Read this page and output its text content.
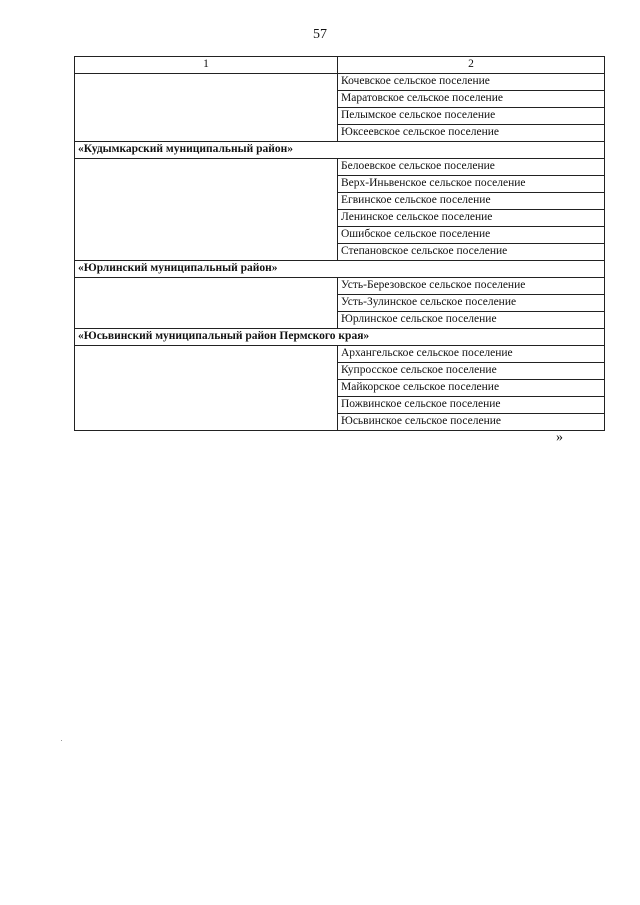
57
1	2
	Кочевское сельское поселение
	Маратовское сельское поселение
	Пелымское сельское поселение
	Юксеевское сельское поселение
«Кудымкарский муниципальный район»	
	Белоевское сельское поселение
	Верх-Иньвенское сельское поселение
	Егвинское сельское поселение
	Ленинское сельское поселение
	Ошибское сельское поселение
	Степановское сельское поселение
«Юрлинский муниципальный район»	
	Усть-Березовское сельское поселение
	Усть-Зулинское сельское поселение
	Юрлинское сельское поселение
«Юсьвинский муниципальный район Пермского края»	
	Архангельское сельское поселение
	Купросское сельское поселение
	Майкорское сельское поселение
	Пожвинское сельское поселение
	Юсьвинское сельское поселение
»
